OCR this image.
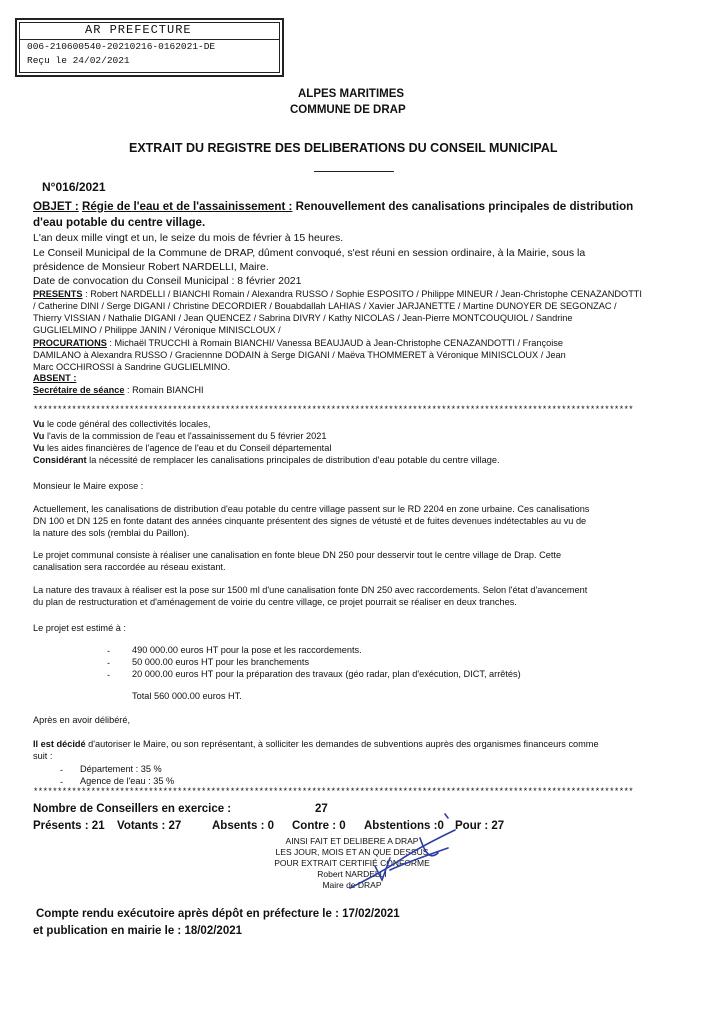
AR PREFECTURE
006-210600540-20210216-0162021-DE
Reçu le 24/02/2021
ALPES MARITIMES
COMMUNE DE DRAP
EXTRAIT DU REGISTRE DES DELIBERATIONS DU CONSEIL MUNICIPAL
N°016/2021
OBJET : Régie de l'eau et de l'assainissement : Renouvellement des canalisations principales de distribution
d'eau potable du centre village.
L'an deux mille vingt et un, le seize du mois de février à 15 heures.
Le Conseil Municipal de la Commune de DRAP, dûment convoqué, s'est réuni en session ordinaire, à la Mairie, sous la
présidence de Monsieur Robert NARDELLI, Maire.
Date de convocation du Conseil Municipal : 8 février 2021
PRESENTS : Robert NARDELLI / BIANCHI Romain / Alexandra RUSSO / Sophie ESPOSITO / Philippe MINEUR / Jean-Christophe CENAZANDOTTI
/ Catherine DINI / Serge DIGANI / Christine DECORDIER / Bouabdallah LAHIAS / Xavier JARJANETTE / Martine DUNOYER DE SEGONZAC /
Thierry VISSIAN / Nathalie DIGANI / Jean QUENCEZ / Sabrina DIVRY / Kathy NICOLAS / Jean-Pierre MONTCOUQUIOL / Sandrine
GUGLIELMINO / Philippe JANIN / Véronique MINISCLOUX /
PROCURATIONS : Michaël TRUCCHI à Romain BIANCHI/ Vanessa BEAUJAUD à Jean-Christophe CENAZANDOTTI / Françoise
DAMILANO à Alexandra RUSSO / Graciennne DODAIN à Serge DIGANI / Maëva THOMMERET à Véronique MINISCLOUX / Jean
Marc OCCHIROSSI à Sandrine GUGLIELMINO.
ABSENT :
Secrétaire de séance : Romain BIANCHI
*****************************************************************************************************************************
Vu le code général des collectivités locales,
Vu l'avis de la commission de l'eau et l'assainissement du 5 février 2021
Vu les aides financières de l'agence de l'eau et du Conseil départemental
Considérant la nécessité de remplacer les canalisations principales de distribution d'eau potable du centre village.
Monsieur le Maire expose :
Actuellement, les canalisations de distribution d'eau potable du centre village passent sur le RD 2204 en zone urbaine. Ces canalisations
DN 100 et DN 125 en fonte datant des années cinquante présentent des signes de vétusté et de fuites devenues indétectables au vu de
la nature des sols (remblai du Paillon).
Le projet communal consiste à réaliser une canalisation en fonte bleue DN 250 pour desservir tout le centre village de Drap. Cette
canalisation sera raccordée au réseau existant.
La nature des travaux à réaliser est la pose sur 1500 ml d'une canalisation fonte DN 250 avec raccordements. Selon l'état d'avancement
du plan de restructuration et d'aménagement de voirie du centre village, ce projet pourrait se réaliser en deux tranches.
Le projet est estimé à :
- 490 000.00 euros HT pour la pose et les raccordements.
- 50 000.00 euros HT pour les branchements
- 20 000.00 euros HT pour la préparation des travaux (géo radar, plan d'exécution, DICT, arrêtés)
Total 560 000.00 euros HT.
Après en avoir délibéré,
Il est décidé d'autoriser le Maire, ou son représentant, à solliciter les demandes de subventions auprès des organismes financeurs comme
suit :
- Département : 35 %
- Agence de l'eau : 35 %
*****************************************************************************************************************************
Nombre de Conseillers en exercice :	27
Présents : 21 Votants : 27	Absents : 0 Contre : 0 Abstentions :0 Pour : 27
AINSI FAIT ET DELIBERE A DRAP
LES JOUR, MOIS ET AN QUE DESSUS
POUR EXTRAIT CERTIFIÉ CONFORME
Robert NARDELLI
Maire de DRAP
Compte rendu exécutoire après dépôt en préfecture le : 17/02/2021
et publication en mairie le : 18/02/2021
